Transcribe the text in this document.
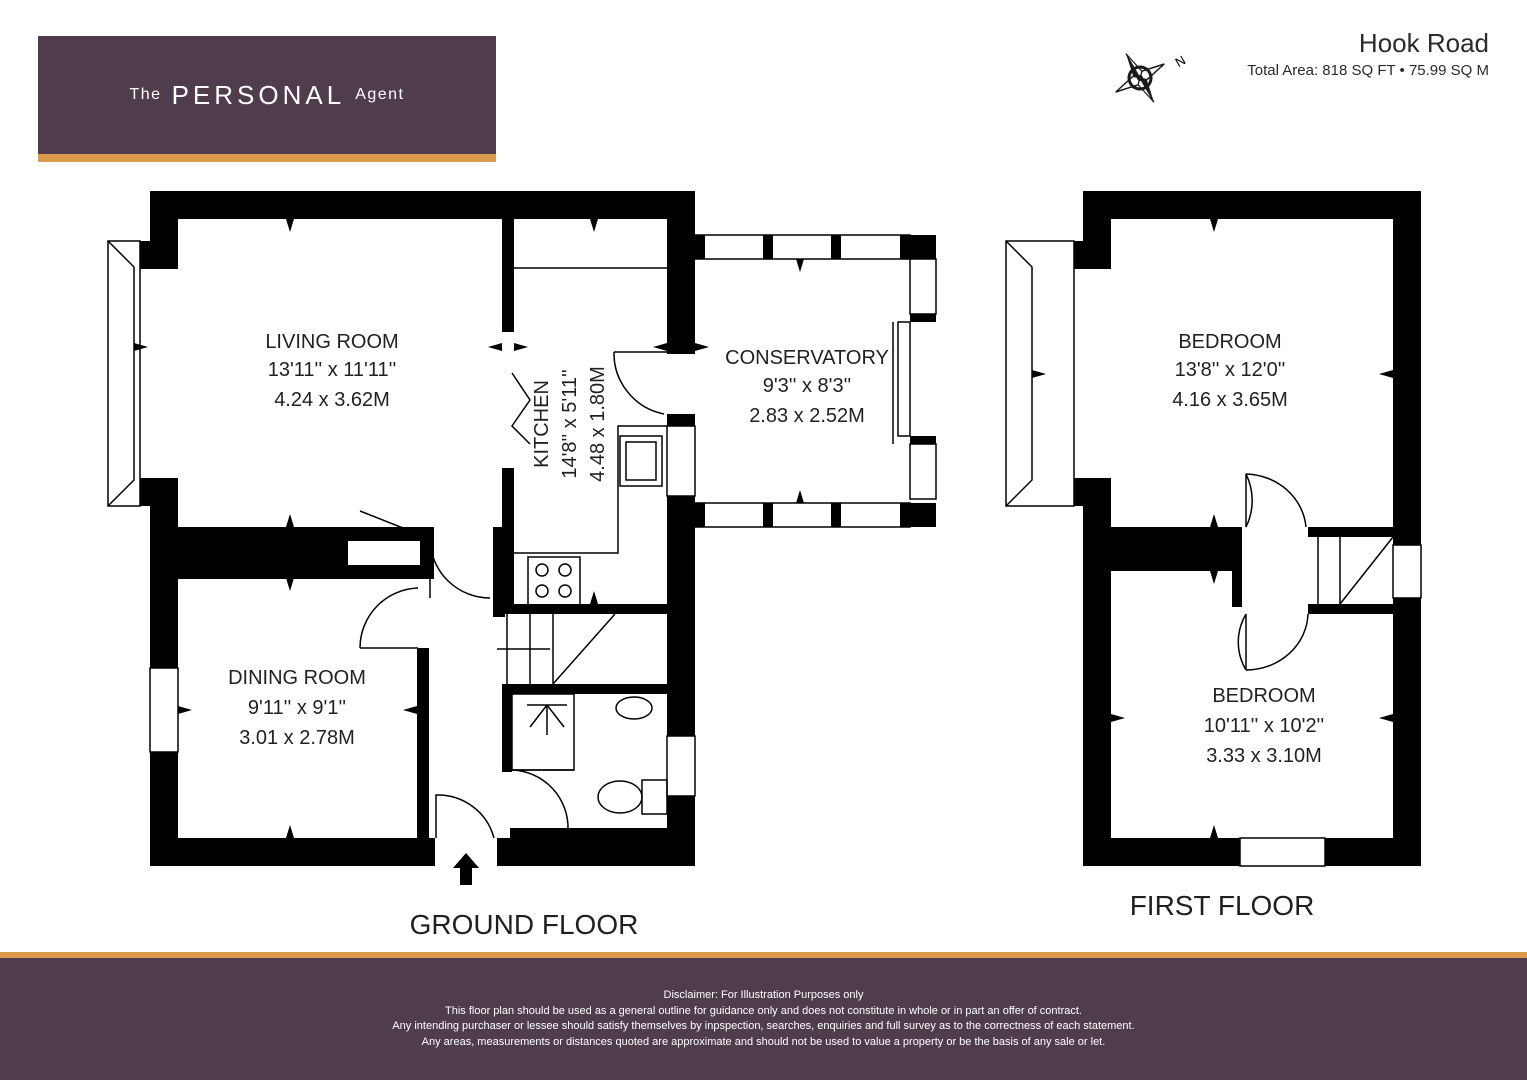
The PERSONAL Agent
N
Hook Road
Total Area: 818 SQ FT • 75.99 SQ M
LIVING ROOM
13'11'' x 11'11''
4.24 x 3.62M
CONSERVATORY
9'3'' x 8'3''
2.83 x 2.52M
DINING ROOM
9'11'' x 9'1''
3.01 x 2.78M
BEDROOM
13'8'' x 12'0''
4.16 x 3.65M
BEDROOM
10'11'' x 10'2''
3.33 x 3.10M
KITCHEN 14'8'' x 5'11'' 4.48 x 1.80M
GROUND FLOOR
FIRST FLOOR
Disclaimer: For Illustration Purposes only
This floor plan should be used as a general outline for guidance only and does not constitute in whole or in part an offer of contract.
Any intending purchaser or lessee should satisfy themselves by inpspection, searches, enquiries and full survey as to the correctness of each statement.
Any areas, measurements or distances quoted are approximate and should not be used to value a property or be the basis of any sale or let.
